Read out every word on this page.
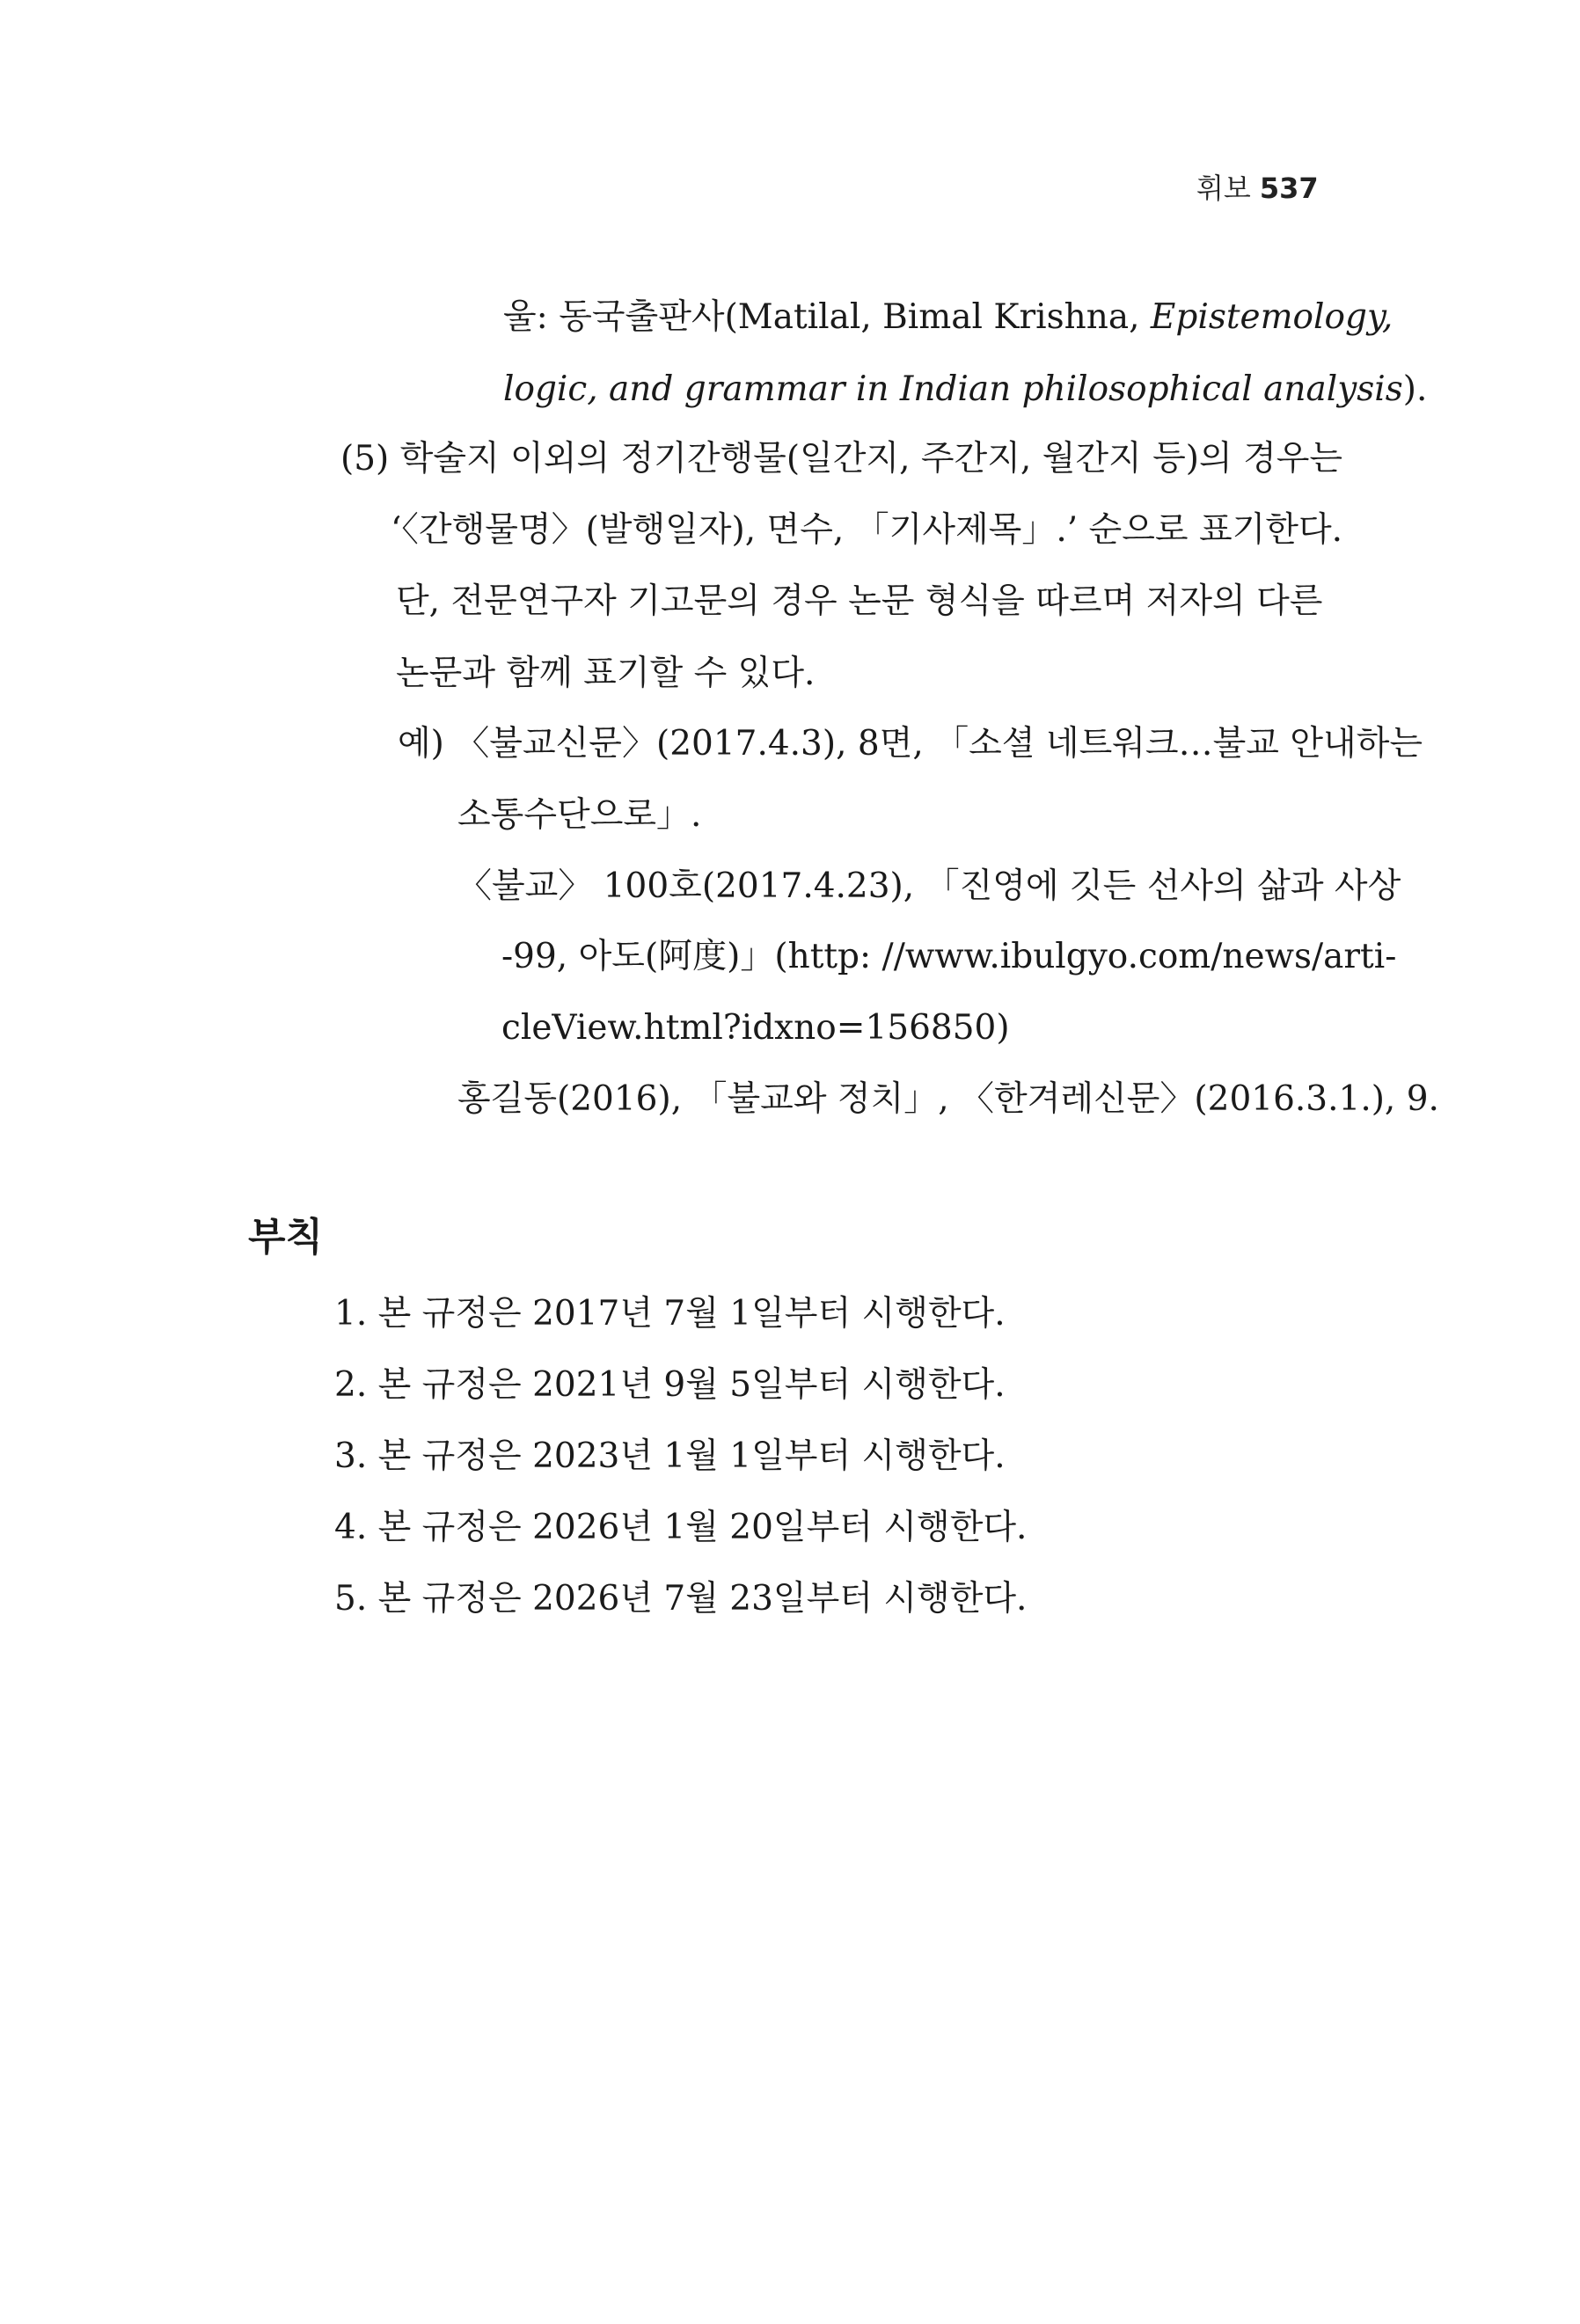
휘보 537
울: 동국출판사(Matilal, Bimal Krishna, Epistemology,
logic, and grammar in Indian philosophical analysis).
(5) 학술지 이외의 정기간행물(일간지, 주간지, 월간지 등)의 경우는
‘〈간행물명〉(발행일자), 면수, 「기사제목」.’ 순으로 표기한다.
단, 전문연구자 기고문의 경우 논문 형식을 따르며 저자의 다른
논문과 함께 표기할 수 있다.
예) 〈불교신문〉(2017.4.3), 8면, 「소셜 네트워크…불교 안내하는
소통수단으로」.
〈불교〉 100호(2017.4.23), 「진영에 깃든 선사의 삶과 사상
-99, 아도(阿度)」(http: //www.ibulgyo.com/news/arti-
cleView.html?idxno=156850)
홍길동(2016), 「불교와 정치」, 〈한겨레신문〉(2016.3.1.), 9.
부칙
1. 본 규정은 2017년 7월 1일부터 시행한다.
2. 본 규정은 2021년 9월 5일부터 시행한다.
3. 본 규정은 2023년 1월 1일부터 시행한다.
4. 본 규정은 2026년 1월 20일부터 시행한다.
5. 본 규정은 2026년 7월 23일부터 시행한다.
